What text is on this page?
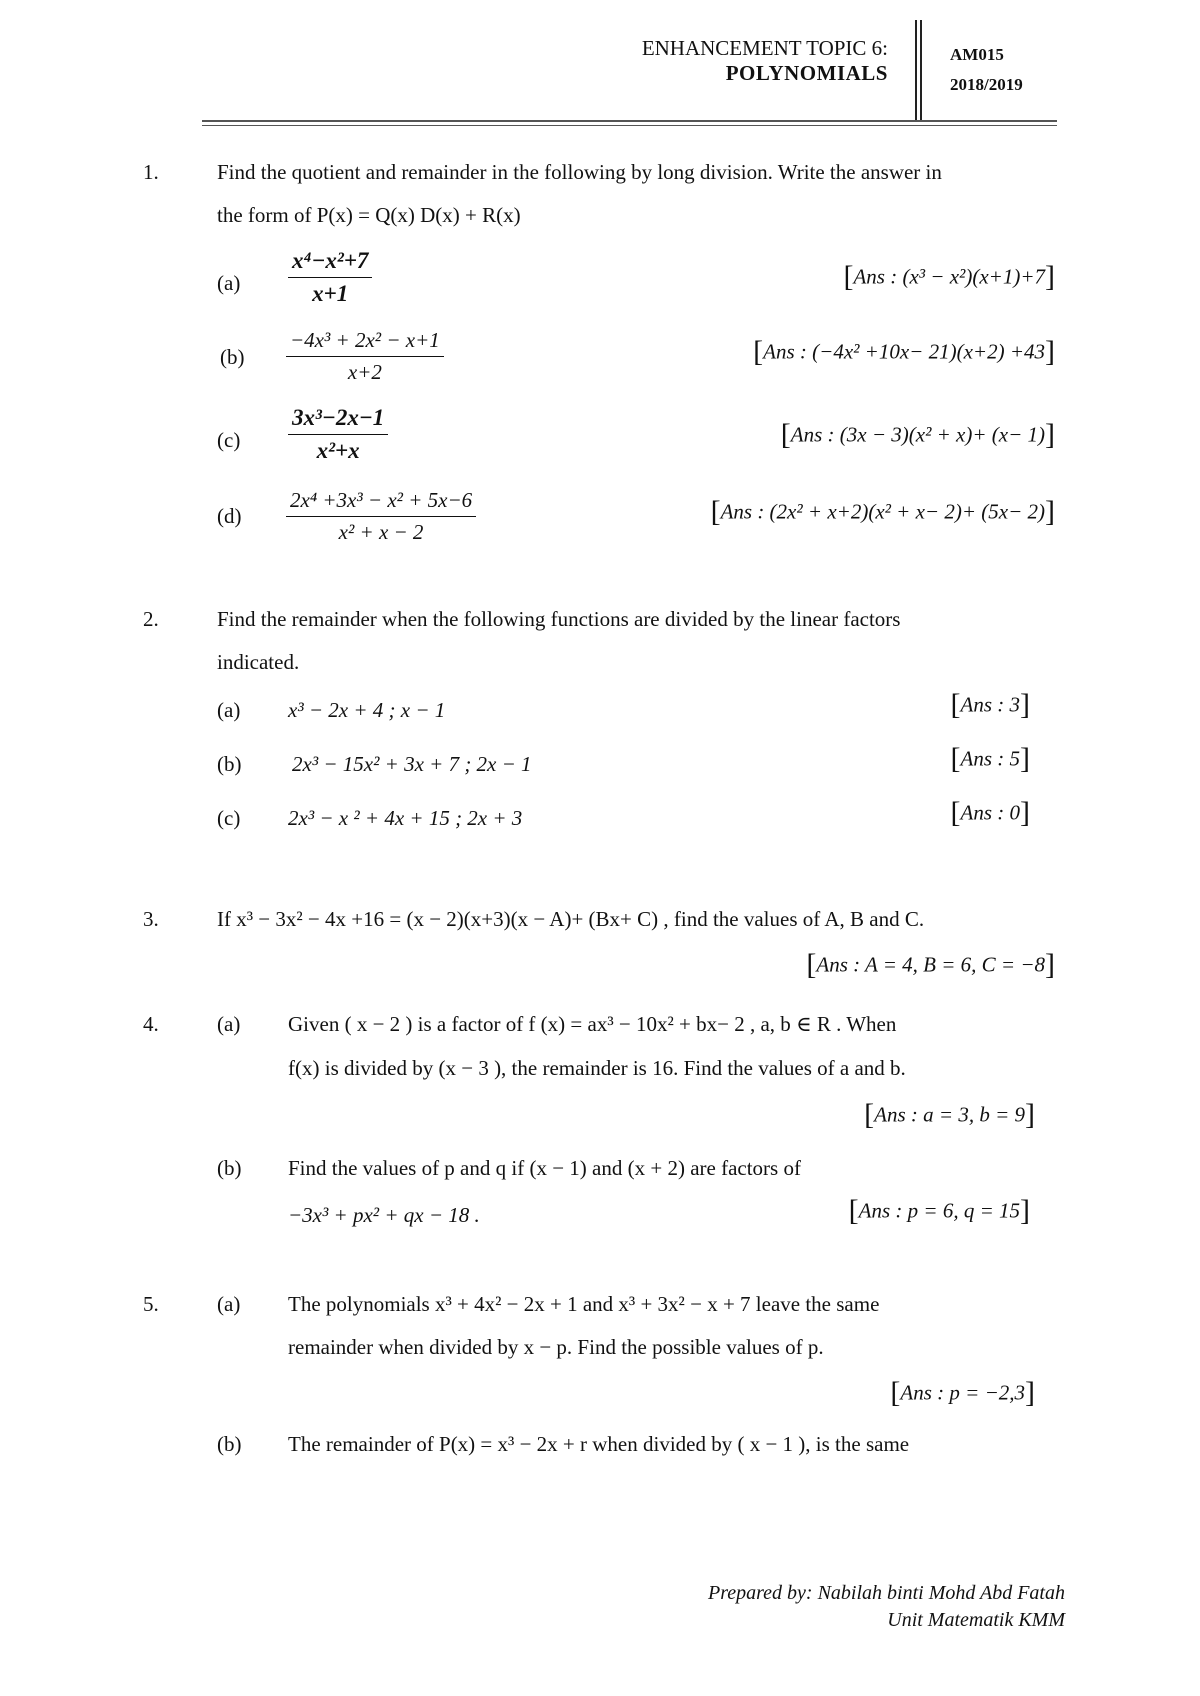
ENHANCEMENT TOPIC 6:
POLYNOMIALS
AM015
2018/2019
1.	Find the quotient and remainder in the following by long division. Write the answer in
the form of P(x) = Q(x) D(x) + R(x)
$(a) \frac{\text{x⁴−x²+7}}{x+1}$	[Ans : (x³ − x²)(x+1)+7]
$(b) \frac{\text{−4x³ + 2x² − x+1}}{x+2}$	[Ans : (−4x² +10x− 21)(x+2) +43]
$(c) \frac{\text{3x³−2x−1}}{\text{x²+x}}$	[Ans : (3x − 3)(x² + x)+ (x− 1)]
$(d) \frac{\text{2x⁴ +3x³ − x² + 5x−6}}{\text{x² + x − 2}}$	[Ans : (2x² + x+2)(x² + x− 2)+ (5x− 2)]
2.	Find the remainder when the following functions are divided by the linear factors
indicated.
(a) x³ − 2x + 4 ; x − 1	[Ans : 3]
(b) 2x³ − 15x² + 3x + 7 ; 2x − 1	[Ans : 5]
(c) 2x³ − x ² + 4x + 15 ; 2x + 3	[Ans : 0]
3.	If x³ − 3x² − 4x +16 = (x − 2)(x+3)(x − A)+ (Bx+ C) , find the values of A, B and C.
[Ans : A = 4, B = 6, C = −8]
4.	(a) Given ( x − 2 ) is a factor of f (x) = ax³ − 10x² + bx− 2 , a, b ∈ R . When
f(x) is divided by (x − 3 ), the remainder is 16. Find the values of a and b.
[Ans : a = 3, b = 9]
(b) Find the values of p and q if (x − 1) and (x + 2) are factors of
−3x³ + px² + qx − 18 .	[Ans : p = 6, q = 15]
5.	(a) The polynomials x³ + 4x² − 2x + 1 and x³ + 3x² − x + 7 leave the same
remainder when divided by x − p. Find the possible values of p.
[Ans : p = −2,3]
(b) The remainder of P(x) = x³ − 2x + r when divided by ( x − 1 ), is the same
Prepared by: Nabilah binti Mohd Abd Fatah
Unit Matematik KMM
